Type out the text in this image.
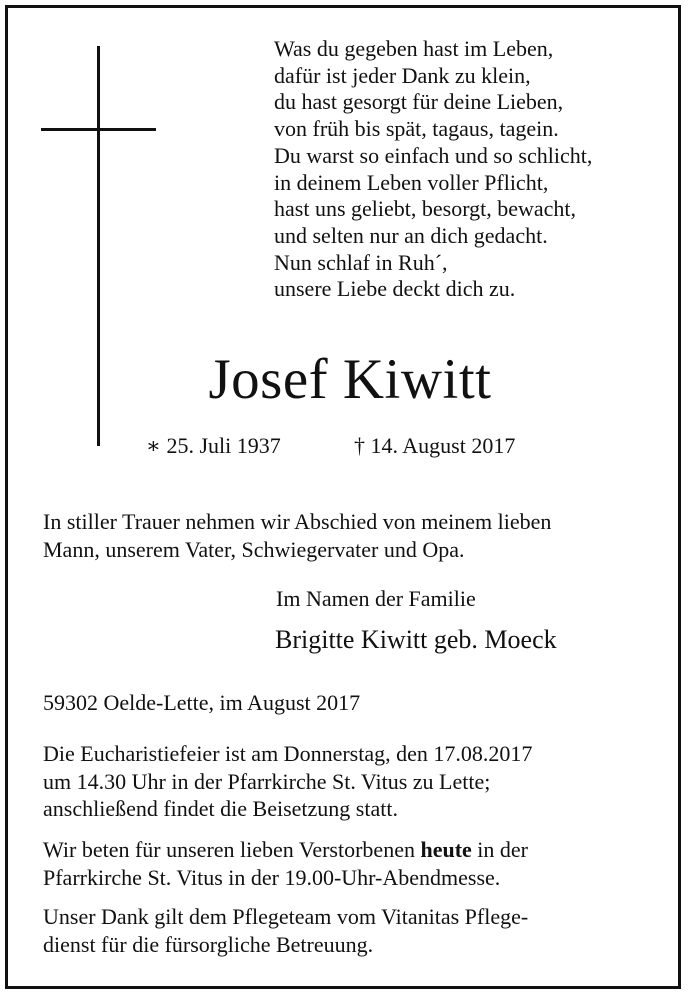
Was du gegeben hast im Leben,
dafür ist jeder Dank zu klein,
du hast gesorgt für deine Lieben,
von früh bis spät, tagaus, tagein.
Du warst so einfach und so schlicht,
in deinem Leben voller Pflicht,
hast uns geliebt, besorgt, bewacht,
und selten nur an dich gedacht.
Nun schlaf in Ruh´,
unsere Liebe deckt dich zu.
Josef Kiwitt
∗ 25. Juli 1937	† 14. August 2017
In stiller Trauer nehmen wir Abschied von meinem lieben
Mann, unserem Vater, Schwiegervater und Opa.
Im Namen der Familie
Brigitte Kiwitt geb. Moeck
59302 Oelde-Lette, im August 2017
Die Eucharistiefeier ist am Donnerstag, den 17.08.2017
um 14.30 Uhr in der Pfarrkirche St. Vitus zu Lette;
anschließend findet die Beisetzung statt.
Wir beten für unseren lieben Verstorbenen heute in der
Pfarrkirche St. Vitus in der 19.00-Uhr-Abendmesse.
Unser Dank gilt dem Pflegeteam vom Vitanitas Pflege-
dienst für die fürsorgliche Betreuung.
